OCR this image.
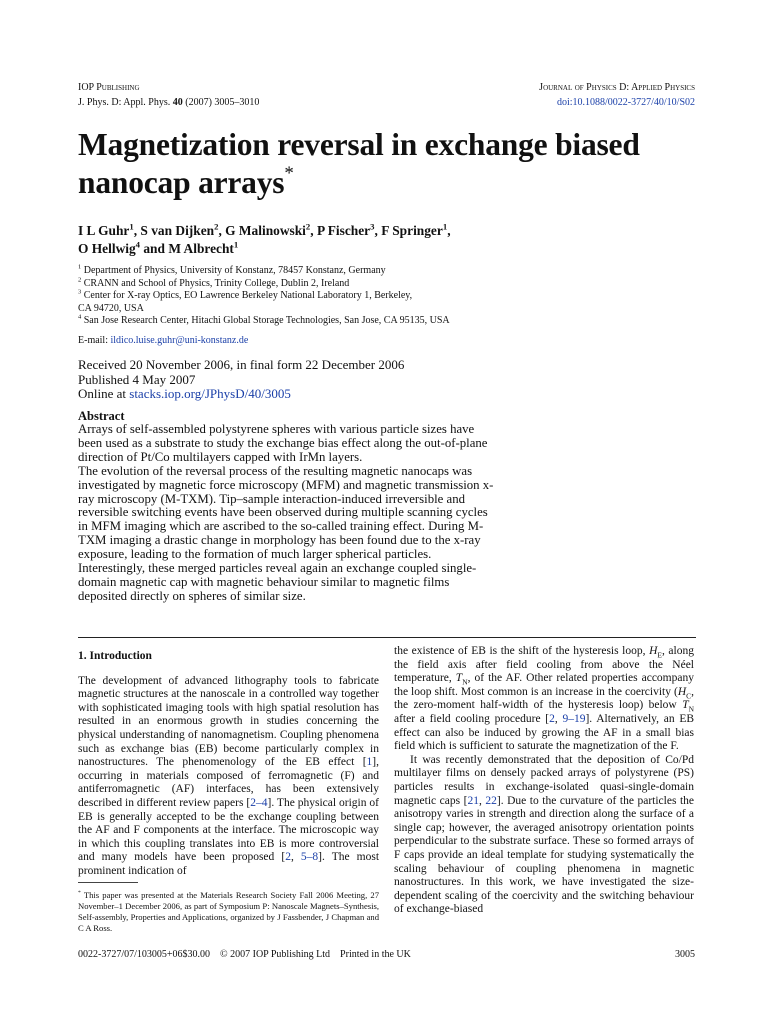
IOP Publishing	Journal of Physics D: Applied Physics
J. Phys. D: Appl. Phys. 40 (2007) 3005–3010	doi:10.1088/0022-3727/40/10/S02
Magnetization reversal in exchange biased nanocap arrays*
I L Guhr$^1$, S van Dijken$^2$, G Malinowski$^2$, P Fischer$^3$, F Springer$^1$,
O Hellwig$^4$ and M Albrecht$^1$
$^1$ Department of Physics, University of Konstanz, 78457 Konstanz, Germany
$^2$ CRANN and School of Physics, Trinity College, Dublin 2, Ireland
$^3$ Center for X-ray Optics, EO Lawrence Berkeley National Laboratory 1, Berkeley,
CA 94720, USA
$^4$ San Jose Research Center, Hitachi Global Storage Technologies, San Jose, CA 95135, USA
E-mail: ildico.luise.guhr@uni-konstanz.de
Received 20 November 2006, in final form 22 December 2006
Published 4 May 2007
Online at stacks.iop.org/JPhysD/40/3005
Abstract

Arrays of self-assembled polystyrene spheres with various particle sizes have been used as a substrate to study the exchange bias effect along the out-of-plane direction of Pt/Co multilayers capped with IrMn layers.

The evolution of the reversal process of the resulting magnetic nanocaps was investigated by magnetic force microscopy (MFM) and magnetic transmission x-ray microscopy (M-TXM). Tip–sample interaction-induced irreversible and reversible switching events have been observed during multiple scanning cycles in MFM imaging which are ascribed to the so-called training effect. During M-TXM imaging a drastic change in morphology has been found due to the x-ray exposure, leading to the formation of much larger spherical particles. Interestingly, these merged particles reveal again an exchange coupled single-domain magnetic cap with magnetic behaviour similar to magnetic films deposited directly on spheres of similar size.

1. Introduction

The development of advanced lithography tools to fabricate magnetic structures at the nanoscale in a controlled way together with sophisticated imaging tools with high spatial resolution has resulted in an enormous growth in studies concerning the physical understanding of nanomagnetism. Coupling phenomena such as exchange bias (EB) become particularly complex in nanostructures. The phenomenology of the EB effect [1], occurring in materials composed of ferromagnetic (F) and antiferromagnetic (AF) interfaces, has been extensively described in different review papers [2–4]. The physical origin of EB is generally accepted to be the exchange coupling between the AF and F components at the interface. The microscopic way in which this coupling translates into EB is more controversial and many models have been proposed [2, 5–8]. The most prominent indication of

the existence of EB is the shift of the hysteresis loop, $H_E$, along the field axis after field cooling from above the Néel temperature, $T_N$, of the AF. Other related properties accompany the loop shift. Most common is an increase in the coercivity ($H_C$, the zero-moment half-width of the hysteresis loop) below $T_N$ after a field cooling procedure [2, 9–19]. Alternatively, an EB effect can also be induced by growing the AF in a small bias field which is sufficient to saturate the magnetization of the F.

It was recently demonstrated that the deposition of Co/Pd multilayer films on densely packed arrays of polystyrene (PS) particles results in exchange-isolated quasi-single-domain magnetic caps [21, 22]. Due to the curvature of the particles the anisotropy varies in strength and direction along the surface of a single cap; however, the averaged anisotropy orientation points perpendicular to the substrate surface. These so formed arrays of F caps provide an ideal template for studying systematically the scaling behaviour of coupling phenomena in magnetic nanostructures. In this work, we have investigated the size-dependent scaling of the coercivity and the switching behaviour of exchange-biased

* This paper was presented at the Materials Research Society Fall 2006 Meeting, 27 November–1 December 2006, as part of Symposium P: Nanoscale Magnets–Synthesis, Self-assembly, Properties and Applications, organized by J Fassbender, J Chapman and C A Ross.
0022-3727/07/103005+06$30.00 © 2007 IOP Publishing Ltd Printed in the UK	3005
